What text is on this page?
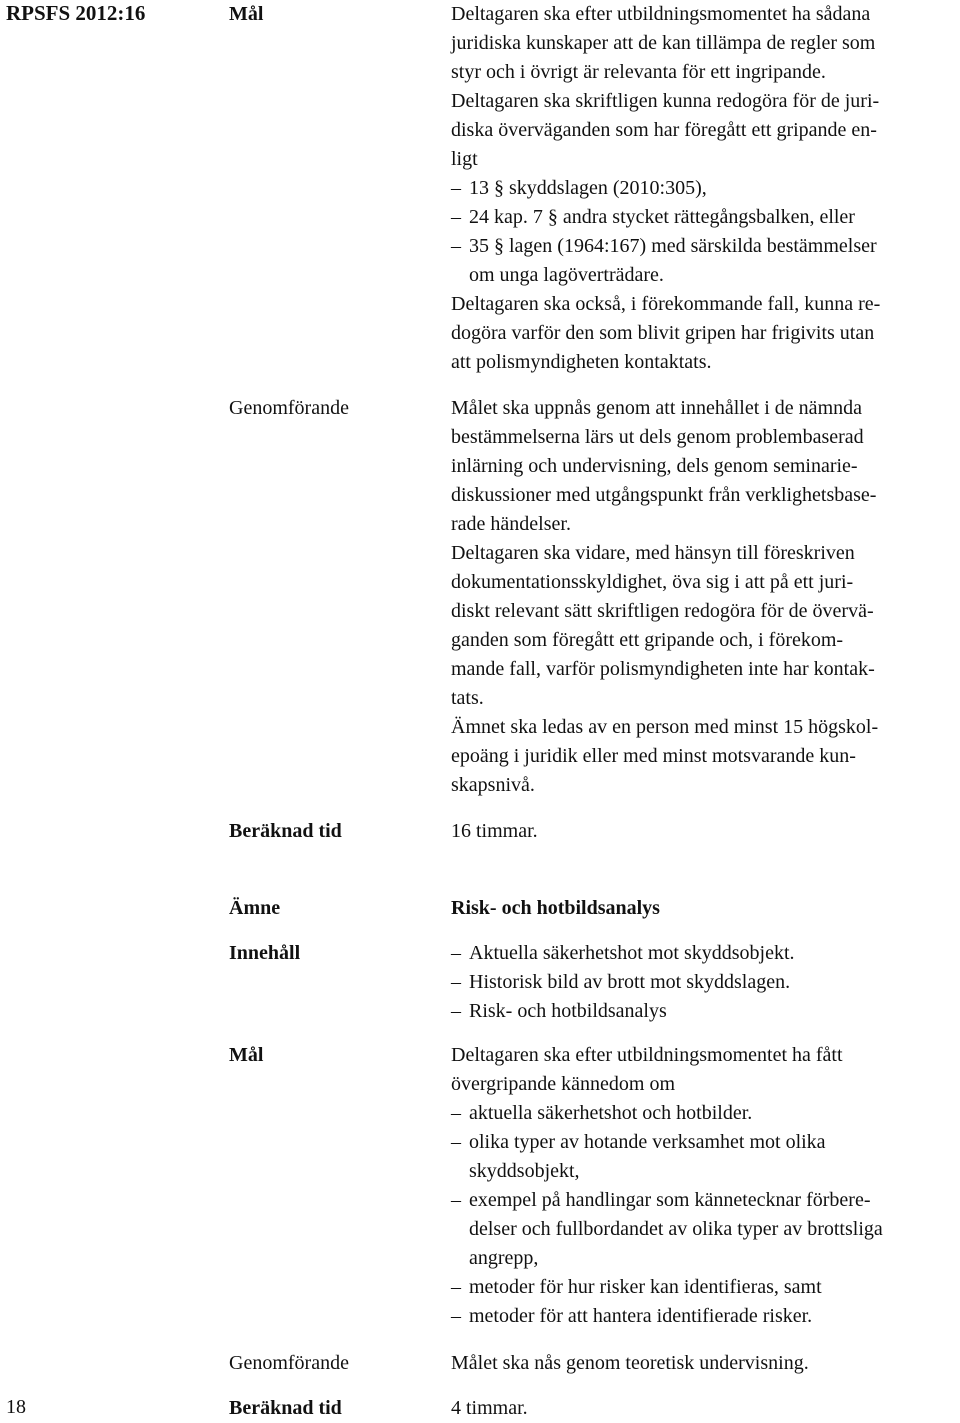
RPSFS 2012:16
18
Mål	Deltagaren ska efter utbildningsmomentet ha sådana
juridiska kunskaper att de kan tillämpa de regler som
styr och i övrigt är relevanta för ett ingripande.
Deltagaren ska skriftligen kunna redogöra för de juri-
diska överväganden som har föregått ett gripande en-
ligt
– 13 § skyddslagen (2010:305),
– 24 kap. 7 § andra stycket rättegångsbalken, eller
– 35 § lagen (1964:167) med särskilda bestämmelser
om unga lagöverträdare.
Deltagaren ska också, i förekommande fall, kunna re-
dogöra varför den som blivit gripen har frigivits utan
att polismyndigheten kontaktats.
Genomförande	Målet ska uppnås genom att innehållet i de nämnda
bestämmelserna lärs ut dels genom problembaserad
inlärning och undervisning, dels genom seminarie-
diskussioner med utgångspunkt från verklighetsbase-
rade händelser.
Deltagaren ska vidare, med hänsyn till föreskriven
dokumentationsskyldighet, öva sig i att på ett juri-
diskt relevant sätt skriftligen redogöra för de övervä-
ganden som föregått ett gripande och, i förekom-
mande fall, varför polismyndigheten inte har kontak-
tats.
Ämnet ska ledas av en person med minst 15 högskol-
epoäng i juridik eller med minst motsvarande kun-
skapsnivå.
Beräknad tid	16 timmar.
Ämne	Risk- och hotbildsanalys
Innehåll
–	Aktuella säkerhetshot mot skyddsobjekt.
– Historisk bild av brott mot skyddslagen.
– Risk- och hotbildsanalys
Mål	Deltagaren ska efter utbildningsmomentet ha fått
övergripande kännedom om
– aktuella säkerhetshot och hotbilder.
– olika typer av hotande verksamhet mot olika
skyddsobjekt,
– exempel på handlingar som kännetecknar förbere-
delser och fullbordandet av olika typer av brottsliga
angrepp,
– metoder för hur risker kan identifieras, samt
– metoder för att hantera identifierade risker.
Genomförande	Målet ska nås genom teoretisk undervisning.
Beräknad tid	4 timmar.
